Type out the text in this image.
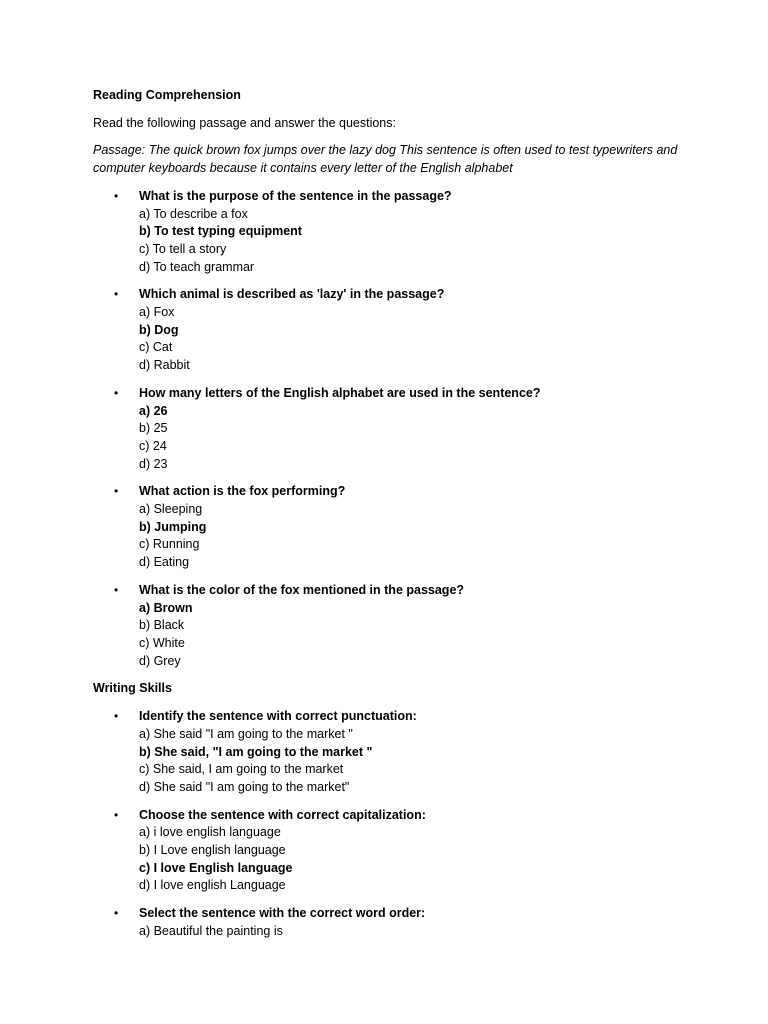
Reading Comprehension

Read the following passage and answer the questions:

Passage: The quick brown fox jumps over the lazy dog This sentence is often used to test typewriters and computer keyboards because it contains every letter of the English alphabet

• What is the purpose of the sentence in the passage?
a) To describe a fox
b) To test typing equipment
c) To tell a story
d) To teach grammar
• Which animal is described as 'lazy' in the passage?
a) Fox
b) Dog
c) Cat
d) Rabbit
• How many letters of the English alphabet are used in the sentence?
a) 26
b) 25
c) 24
d) 23
• What action is the fox performing?
a) Sleeping
b) Jumping
c) Running
d) Eating
• What is the color of the fox mentioned in the passage?
a) Brown
b) Black
c) White
d) Grey

Writing Skills

• Identify the sentence with correct punctuation:
a) She said "I am going to the market "
b) She said, "I am going to the market "
c) She said, I am going to the market
d) She said "I am going to the market"
• Choose the sentence with correct capitalization:
a) i love english language
b) I Love english language
c) I love English language
d) I love english Language
• Select the sentence with the correct word order:
a) Beautiful the painting is
